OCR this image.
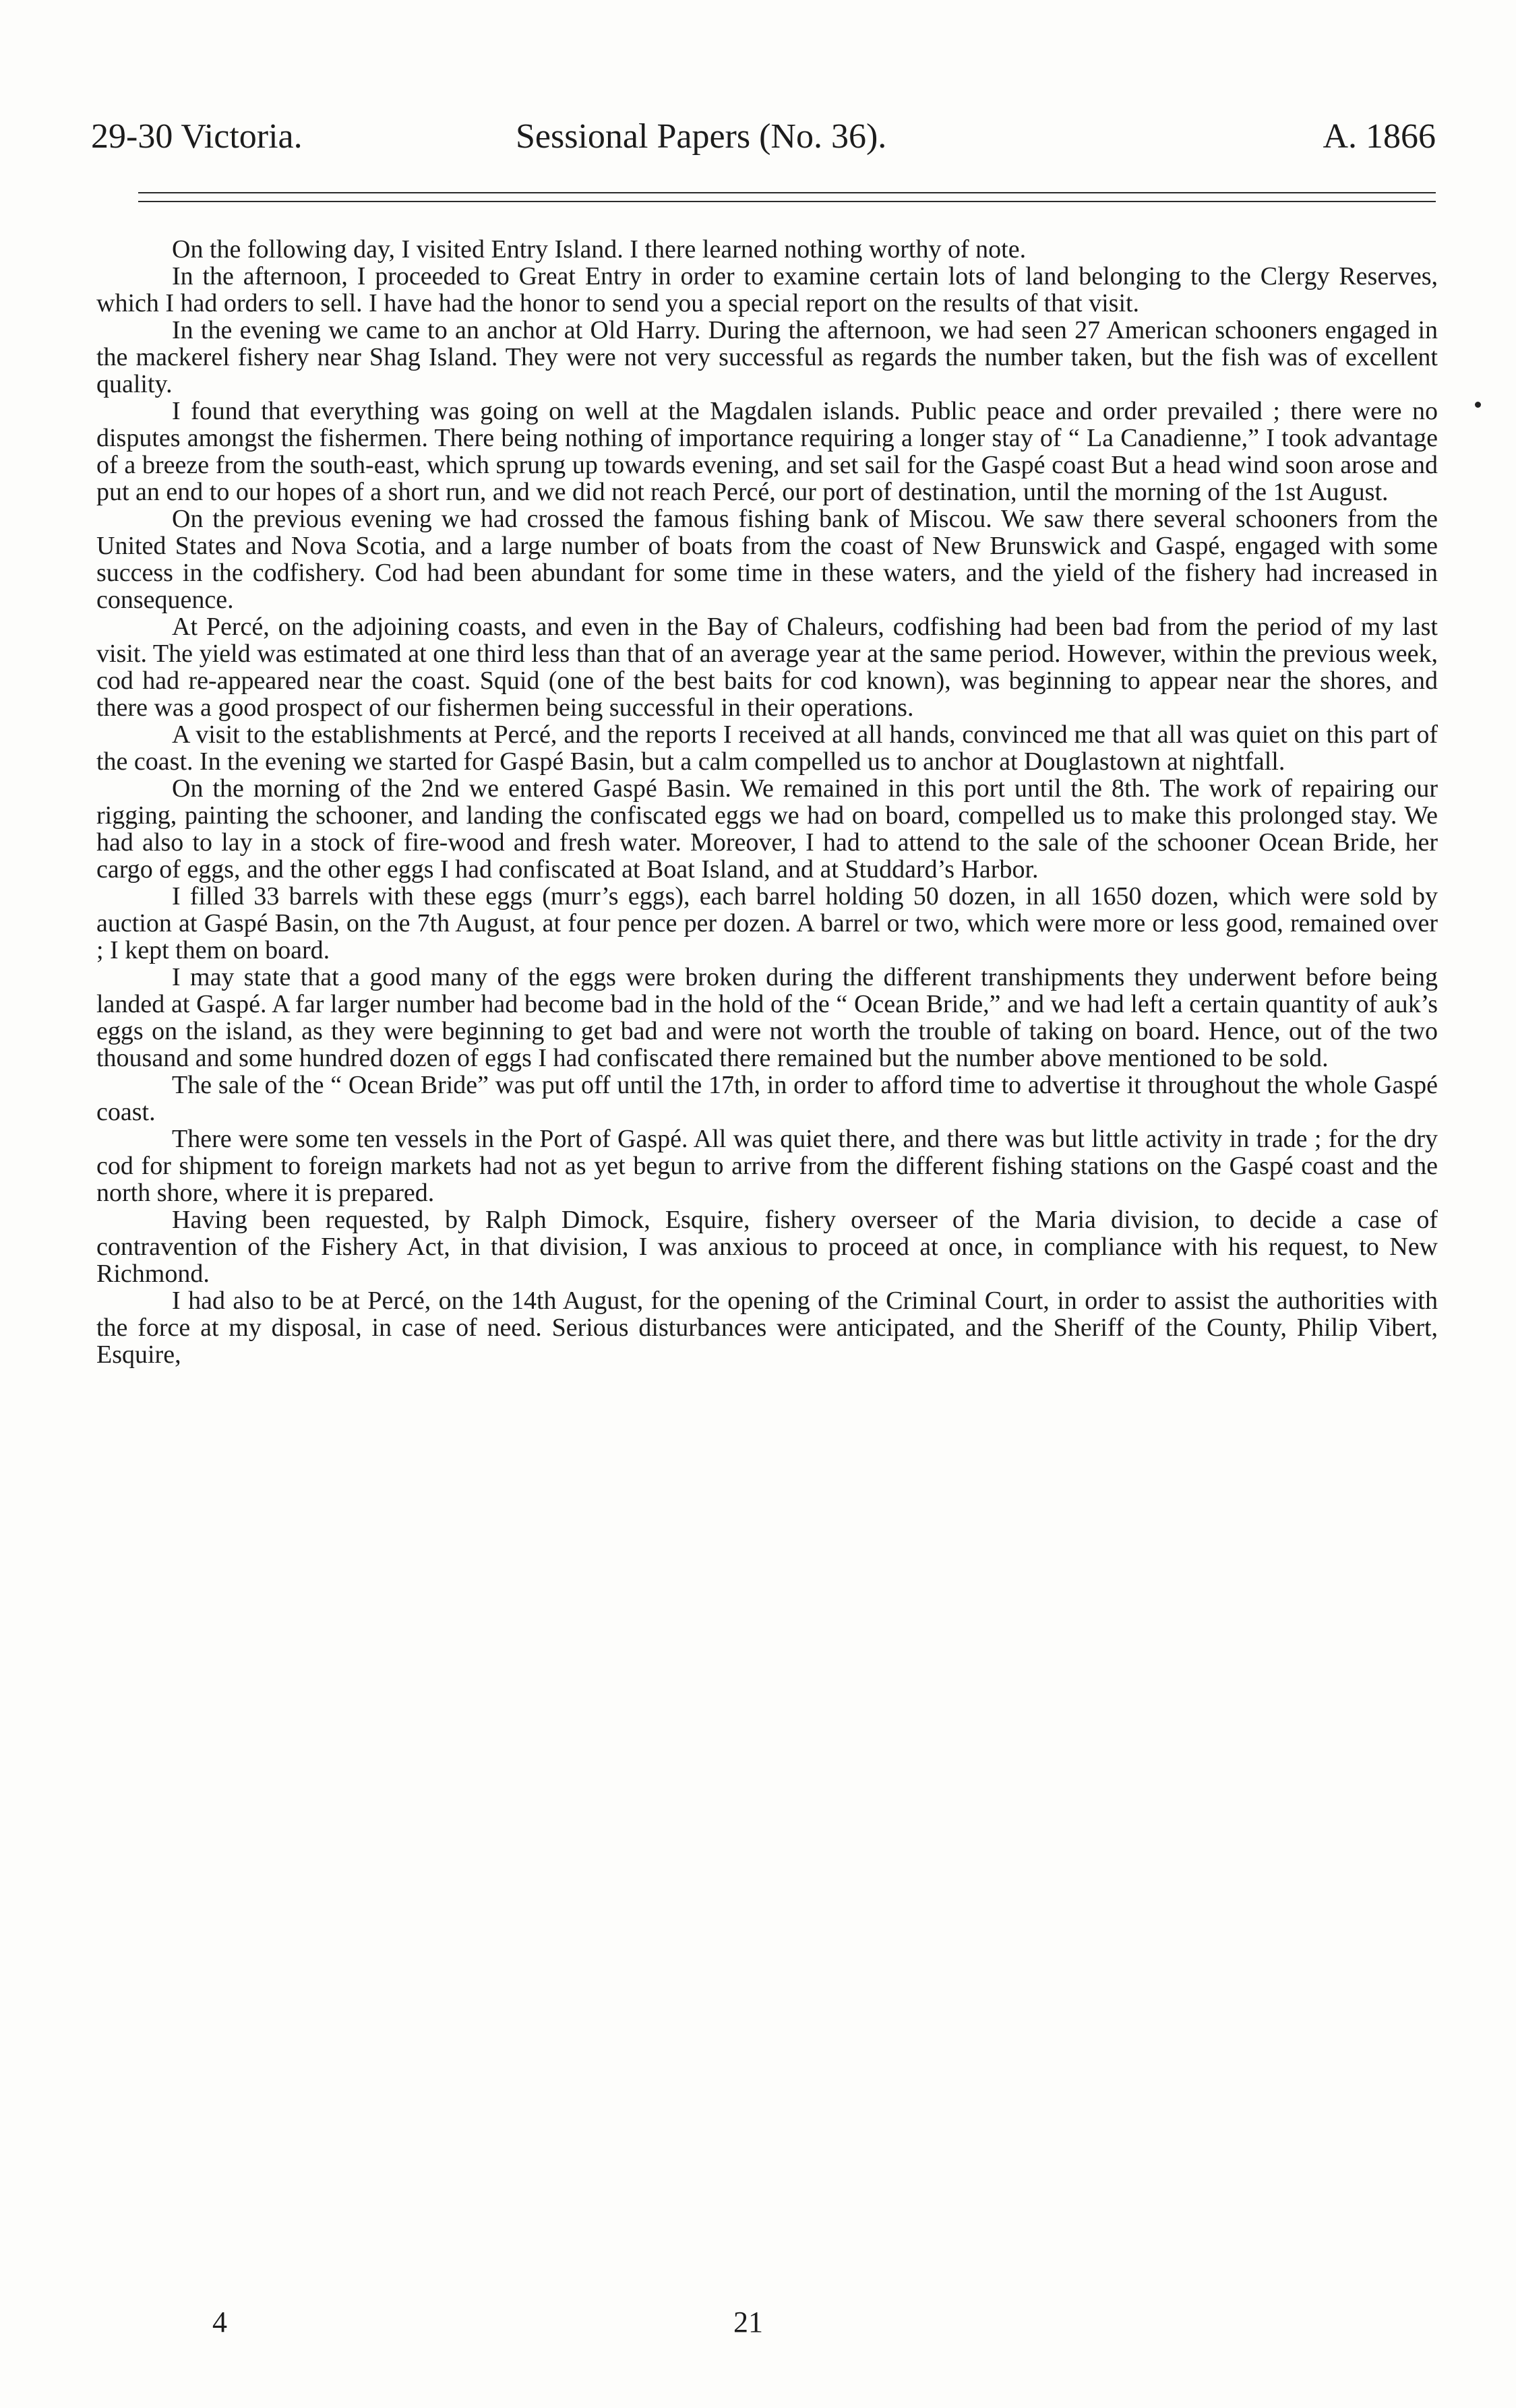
29-30 Victoria.	Sessional Papers (No. 36).	A. 1866

On the following day, I visited Entry Island. I there learned nothing worthy of note.

In the afternoon, I proceeded to Great Entry in order to examine certain lots of land belonging to the Clergy Reserves, which I had orders to sell. I have had the honor to send you a special report on the results of that visit.

In the evening we came to an anchor at Old Harry. During the afternoon, we had seen 27 American schooners engaged in the mackerel fishery near Shag Island. They were not very successful as regards the number taken, but the fish was of excellent quality.

I found that everything was going on well at the Magdalen islands. Public peace and order prevailed ; there were no disputes amongst the fishermen. There being nothing of importance requiring a longer stay of “ La Canadienne,” I took advantage of a breeze from the south-east, which sprung up towards evening, and set sail for the Gaspé coast But a head wind soon arose and put an end to our hopes of a short run, and we did not reach Percé, our port of destination, until the morning of the 1st August.

On the previous evening we had crossed the famous fishing bank of Miscou. We saw there several schooners from the United States and Nova Scotia, and a large number of boats from the coast of New Brunswick and Gaspé, engaged with some success in the codfishery. Cod had been abundant for some time in these waters, and the yield of the fishery had increased in consequence.

At Percé, on the adjoining coasts, and even in the Bay of Chaleurs, codfishing had been bad from the period of my last visit. The yield was estimated at one third less than that of an average year at the same period. However, within the previous week, cod had re-appeared near the coast. Squid (one of the best baits for cod known), was beginning to appear near the shores, and there was a good prospect of our fishermen being successful in their operations.

A visit to the establishments at Percé, and the reports I received at all hands, convinced me that all was quiet on this part of the coast. In the evening we started for Gaspé Basin, but a calm compelled us to anchor at Douglastown at nightfall.

On the morning of the 2nd we entered Gaspé Basin. We remained in this port until the 8th. The work of repairing our rigging, painting the schooner, and landing the confiscated eggs we had on board, compelled us to make this prolonged stay. We had also to lay in a stock of fire-wood and fresh water. Moreover, I had to attend to the sale of the schooner Ocean Bride, her cargo of eggs, and the other eggs I had confiscated at Boat Island, and at Studdard’s Harbor.

I filled 33 barrels with these eggs (murr’s eggs), each barrel holding 50 dozen, in all 1650 dozen, which were sold by auction at Gaspé Basin, on the 7th August, at four pence per dozen. A barrel or two, which were more or less good, remained over ; I kept them on board.

I may state that a good many of the eggs were broken during the different transhipments they underwent before being landed at Gaspé. A far larger number had become bad in the hold of the “ Ocean Bride,” and we had left a certain quantity of auk’s eggs on the island, as they were beginning to get bad and were not worth the trouble of taking on board. Hence, out of the two thousand and some hundred dozen of eggs I had confiscated there remained but the number above mentioned to be sold.

The sale of the “ Ocean Bride” was put off until the 17th, in order to afford time to advertise it throughout the whole Gaspé coast.

There were some ten vessels in the Port of Gaspé. All was quiet there, and there was but little activity in trade ; for the dry cod for shipment to foreign markets had not as yet begun to arrive from the different fishing stations on the Gaspé coast and the north shore, where it is prepared.

Having been requested, by Ralph Dimock, Esquire, fishery overseer of the Maria division, to decide a case of contravention of the Fishery Act, in that division, I was anxious to proceed at once, in compliance with his request, to New Richmond.

I had also to be at Percé, on the 14th August, for the opening of the Criminal Court, in order to assist the authorities with the force at my disposal, in case of need. Serious disturbances were anticipated, and the Sheriff of the County, Philip Vibert, Esquire,

4	21
